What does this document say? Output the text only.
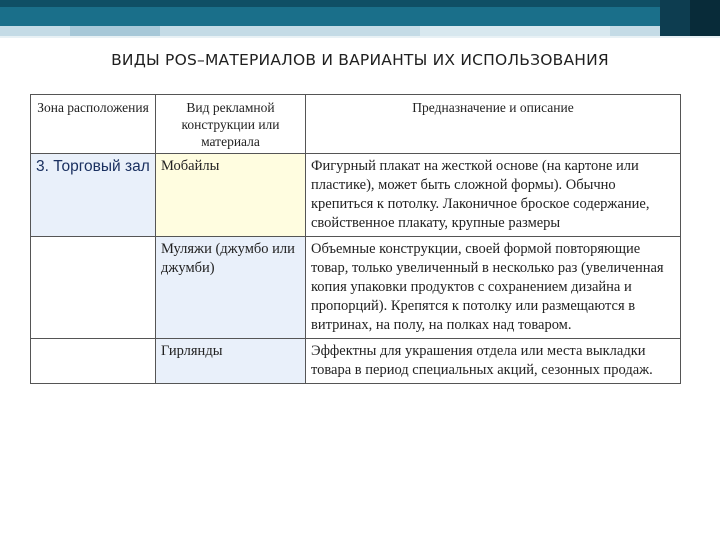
ВИДЫ POS–МАТЕРИАЛОВ И ВАРИАНТЫ ИХ ИСПОЛЬЗОВАНИЯ
Зона расположения	Вид рекламной конструкции или материала	Предназначение и описание
3. Торговый зал	Мобайлы	Фигурный плакат на жесткой основе (на картоне или пластике), может быть сложной формы). Обычно крепиться к потолку. Лаконичное броское содержание, свойственное плакату, крупные размеры
	Муляжи (джумбо или джумби)	Объемные конструкции, своей формой повторяющие товар, только увеличенный в несколько раз (увеличенная копия упаковки продуктов с сохранением дизайна и пропорций). Крепятся к потолку или размещаются в витринах, на полу, на полках над товаром.
	Гирлянды	Эффектны для украшения отдела или места выкладки товара в период специальных акций, сезонных продаж.
